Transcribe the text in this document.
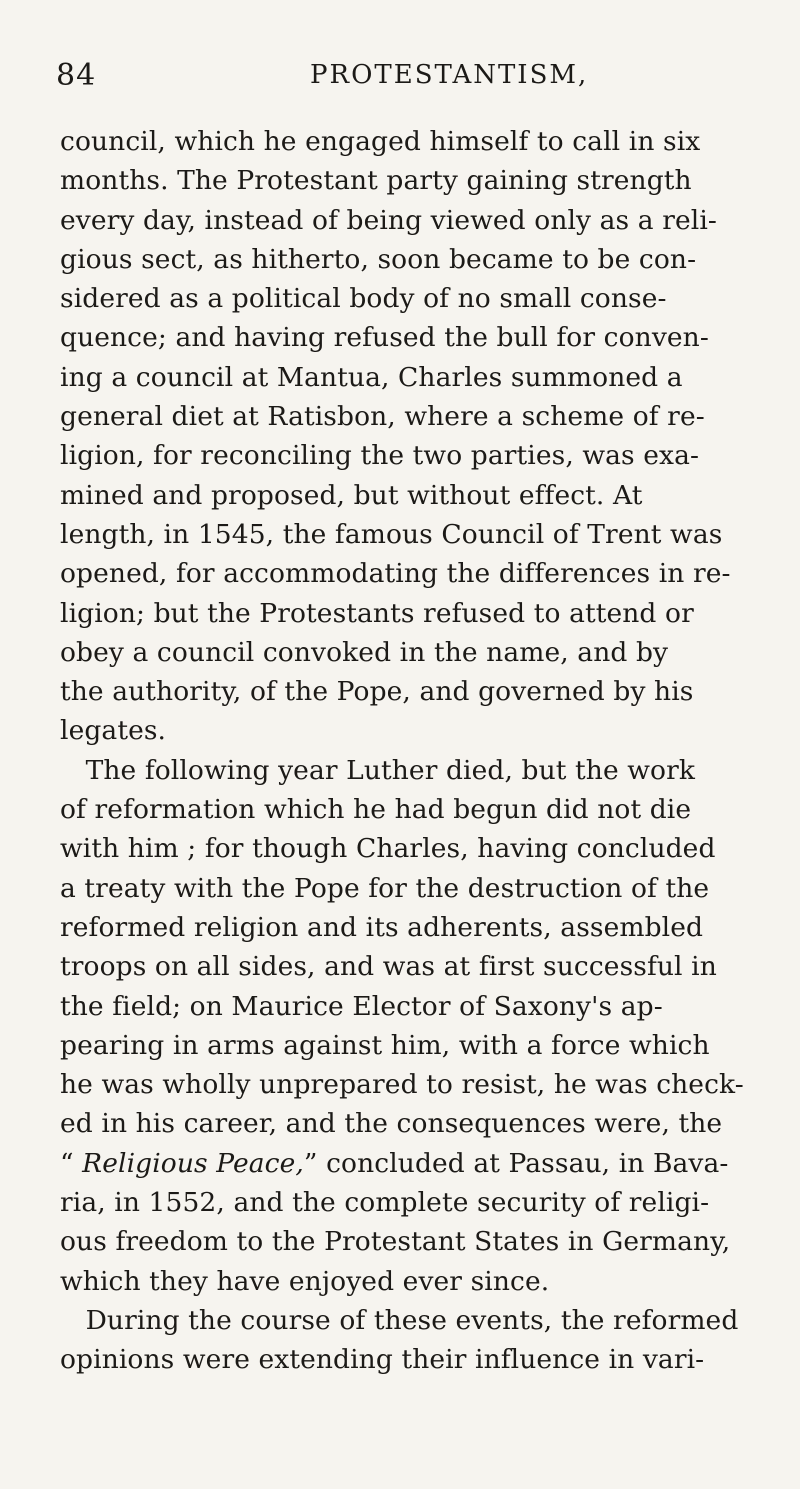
84	PROTESTANTISM,
council, which he engaged himself to call in six
months. The Protestant party gaining strength
every day, instead of being viewed only as a reli-
gious sect, as hitherto, soon became to be con-
sidered as a political body of no small conse-
quence; and having refused the bull for conven-
ing a council at Mantua, Charles summoned a
general diet at Ratisbon, where a scheme of re-
ligion, for reconciling the two parties, was exa-
mined and proposed, but without effect. At
length, in 1545, the famous Council of Trent was
opened, for accommodating the differences in re-
ligion; but the Protestants refused to attend or
obey a council convoked in the name, and by
the authority, of the Pope, and governed by his
legates.
The following year Luther died, but the work
of reformation which he had begun did not die
with him ; for though Charles, having concluded
a treaty with the Pope for the destruction of the
reformed religion and its adherents, assembled
troops on all sides, and was at first successful in
the field; on Maurice Elector of Saxony's ap-
pearing in arms against him, with a force which
he was wholly unprepared to resist, he was check-
ed in his career, and the consequences were, the
“ Religious Peace,” concluded at Passau, in Bava-
ria, in 1552, and the complete security of religi-
ous freedom to the Protestant States in Germany,
which they have enjoyed ever since.
During the course of these events, the reformed
opinions were extending their influence in vari-
